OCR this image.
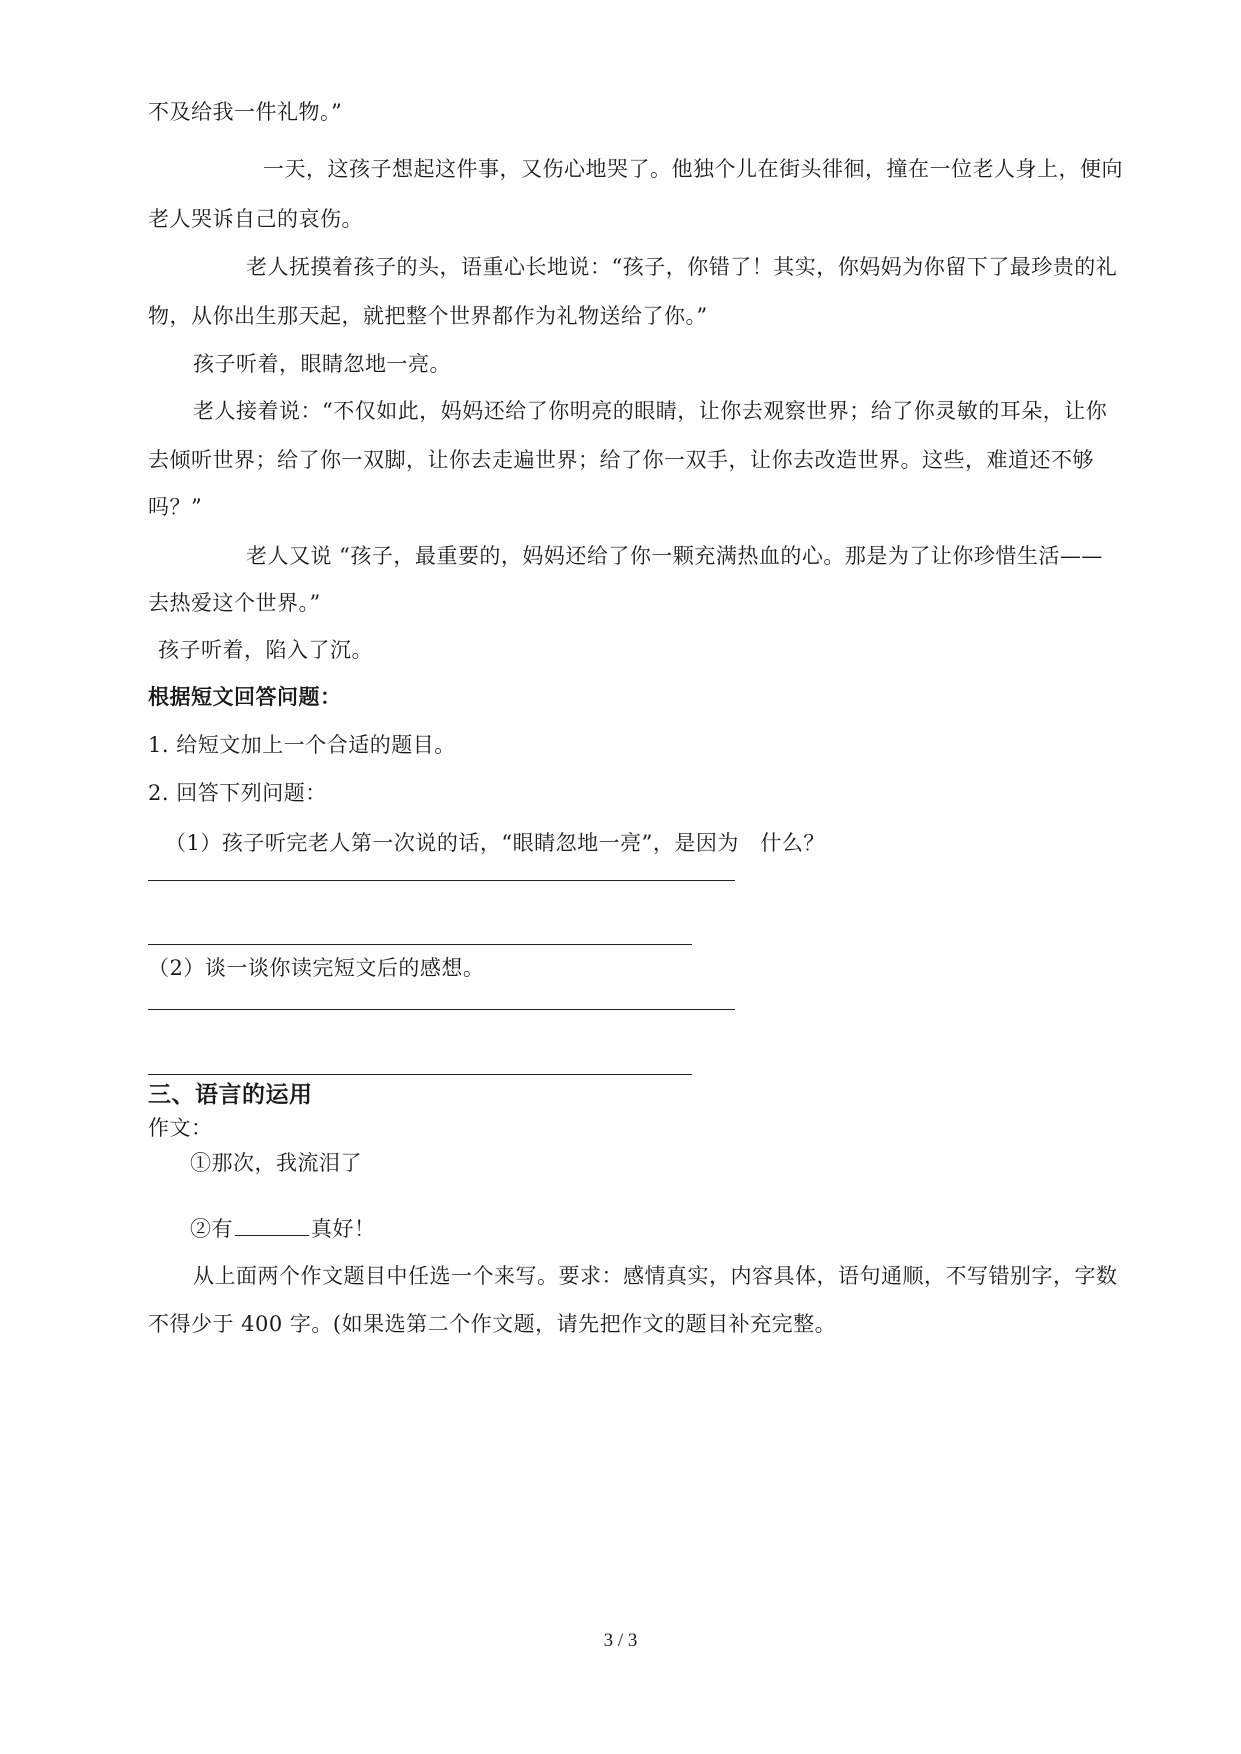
不及给我一件礼物。”
一天，这孩子想起这件事，又伤心地哭了。他独个儿在街头徘徊，撞在一位老人身上，便向
老人哭诉自己的哀伤。
老人抚摸着孩子的头，语重心长地说：“孩子，你错了！其实，你妈妈为你留下了最珍贵的礼
物，从你出生那天起，就把整个世界都作为礼物送给了你。”
孩子听着，眼睛忽地一亮。
老人接着说：“不仅如此，妈妈还给了你明亮的眼睛，让你去观察世界；给了你灵敏的耳朵，让你
去倾听世界；给了你一双脚，让你去走遍世界；给了你一双手，让你去改造世界。这些，难道还不够
吗？”
老人又说 “孩子，最重要的，妈妈还给了你一颗充满热血的心。那是为了让你珍惜生活——
去热爱这个世界。”
孩子听着，陷入了沉。
根据短文回答问题：
1. 给短文加上一个合适的题目。
2. 回答下列问题：
（1）孩子听完老人第一次说的话，“眼睛忽地一亮”，是因为　什么？
（2）谈一谈你读完短文后的感想。
三、语言的运用
作文：
①那次，我流泪了
②有	真好！
从上面两个作文题目中任选一个来写。要求：感情真实，内容具体，语句通顺，不写错别字，字数
不得少于 400 字。(如果选第二个作文题，请先把作文的题目补充完整。
3 / 3
